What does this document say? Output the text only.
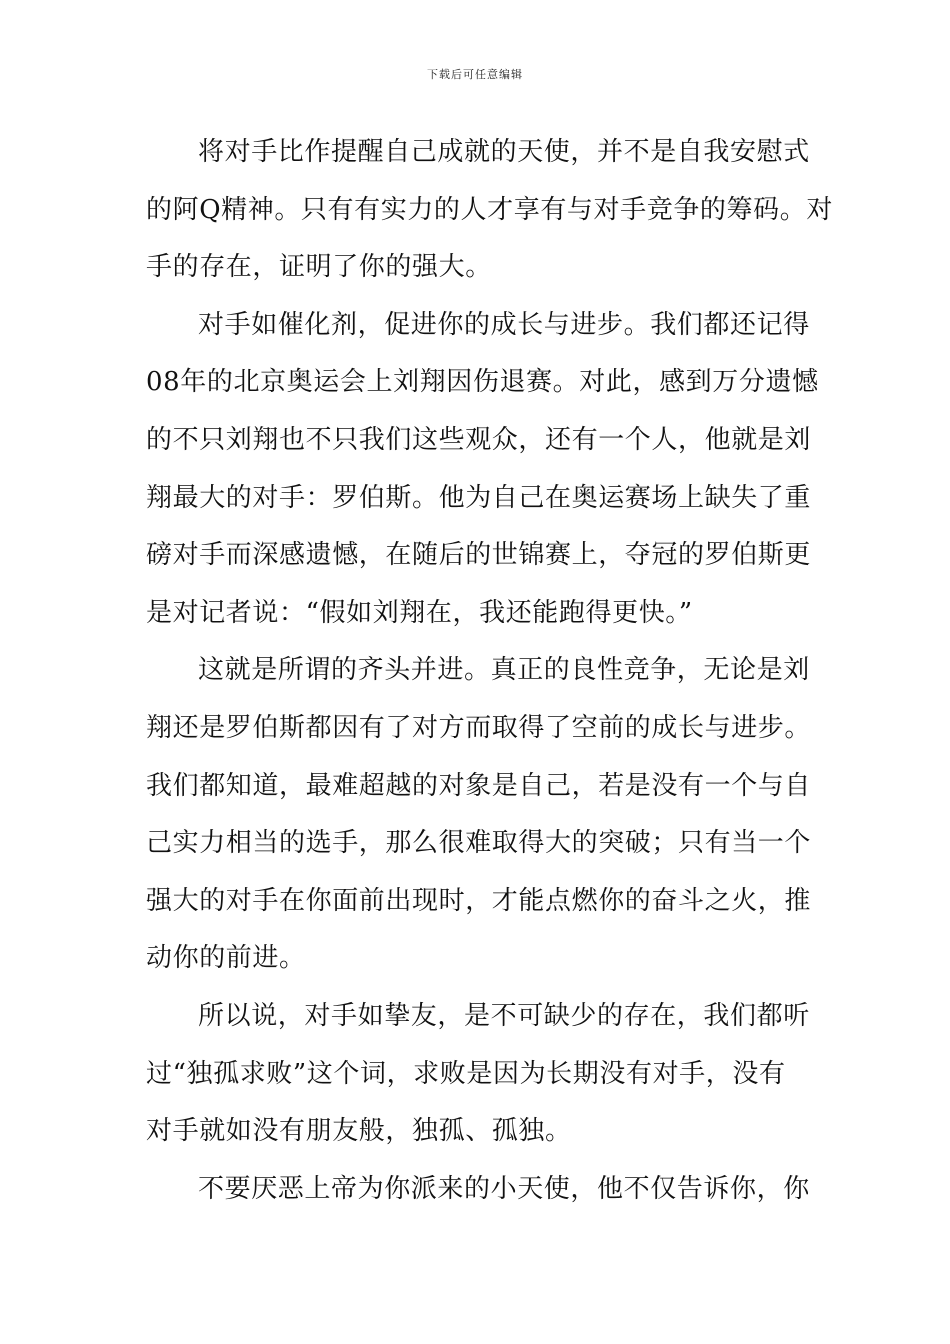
下载后可任意编辑
将对手比作提醒自己成就的天使，并不是自我安慰式
的阿Q精神。只有有实力的人才享有与对手竞争的筹码。对
手的存在，证明了你的强大。
对手如催化剂，促进你的成长与进步。我们都还记得
08年的北京奥运会上刘翔因伤退赛。对此，感到万分遗憾
的不只刘翔也不只我们这些观众，还有一个人，他就是刘
翔最大的对手：罗伯斯。他为自己在奥运赛场上缺失了重
磅对手而深感遗憾，在随后的世锦赛上，夺冠的罗伯斯更
是对记者说：“假如刘翔在，我还能跑得更快。”
这就是所谓的齐头并进。真正的良性竞争，无论是刘
翔还是罗伯斯都因有了对方而取得了空前的成长与进步。
我们都知道，最难超越的对象是自己，若是没有一个与自
己实力相当的选手，那么很难取得大的突破；只有当一个
强大的对手在你面前出现时，才能点燃你的奋斗之火，推
动你的前进。
所以说，对手如挚友，是不可缺少的存在，我们都听
过“独孤求败”这个词，求败是因为长期没有对手，没有
对手就如没有朋友般，独孤、孤独。
不要厌恶上帝为你派来的小天使，他不仅告诉你，你
